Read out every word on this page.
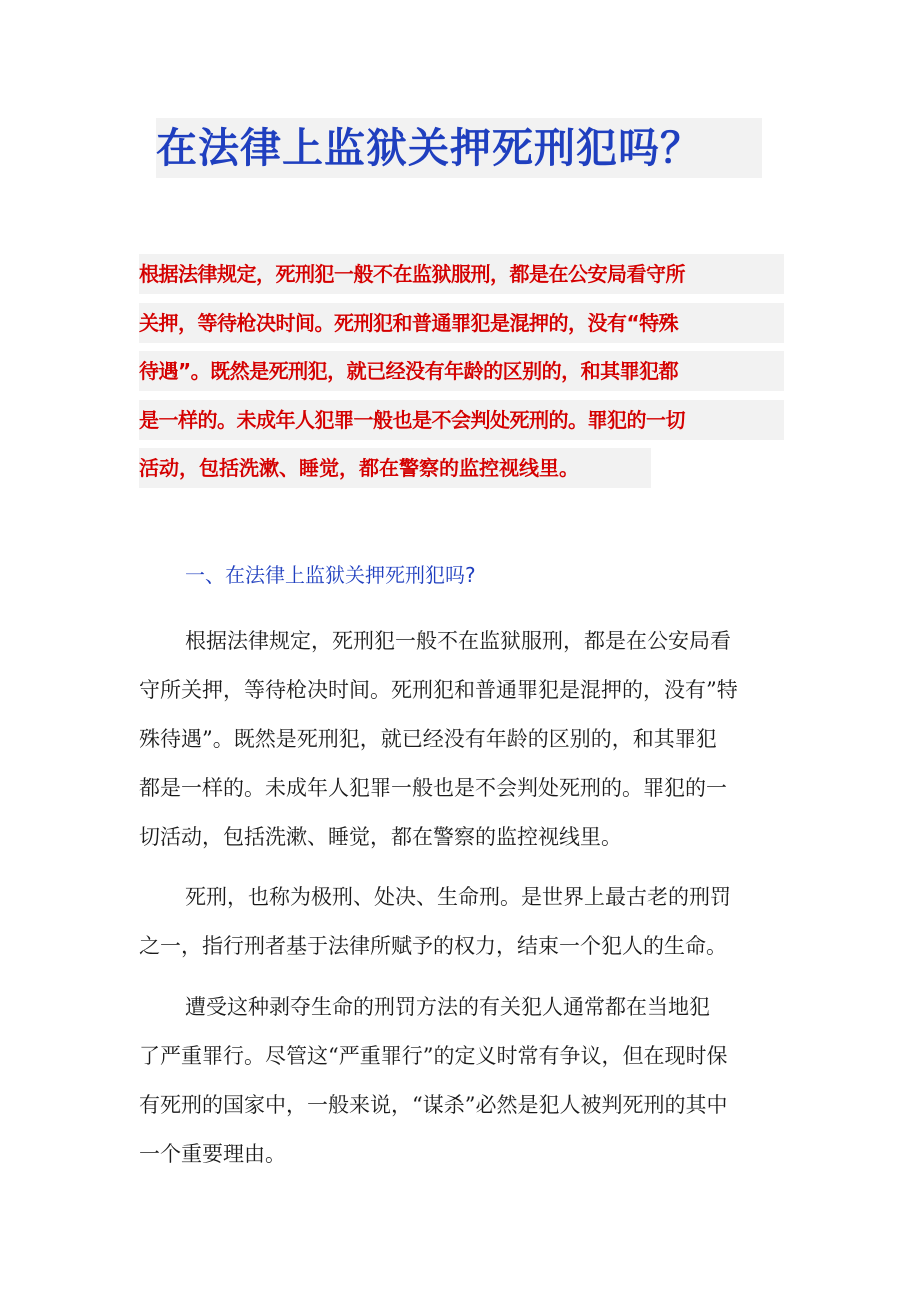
在法律上监狱关押死刑犯吗？
根据法律规定，死刑犯一般不在监狱服刑，都是在公安局看守所
关押，等待枪决时间。死刑犯和普通罪犯是混押的，没有“特殊
待遇”。既然是死刑犯，就已经没有年龄的区别的，和其罪犯都
是一样的。未成年人犯罪一般也是不会判处死刑的。罪犯的一切
活动，包括洗漱、睡觉，都在警察的监控视线里。
一、在法律上监狱关押死刑犯吗?
根据法律规定，死刑犯一般不在监狱服刑，都是在公安局看
守所关押，等待枪决时间。死刑犯和普通罪犯是混押的，没有”特
殊待遇”。既然是死刑犯，就已经没有年龄的区别的，和其罪犯
都是一样的。未成年人犯罪一般也是不会判处死刑的。罪犯的一
切活动，包括洗漱、睡觉，都在警察的监控视线里。
死刑，也称为极刑、处决、生命刑。是世界上最古老的刑罚
之一，指行刑者基于法律所赋予的权力，结束一个犯人的生命。
遭受这种剥夺生命的刑罚方法的有关犯人通常都在当地犯
了严重罪行。尽管这“严重罪行”的定义时常有争议，但在现时保
有死刑的国家中，一般来说，“谋杀”必然是犯人被判死刑的其中
一个重要理由。
